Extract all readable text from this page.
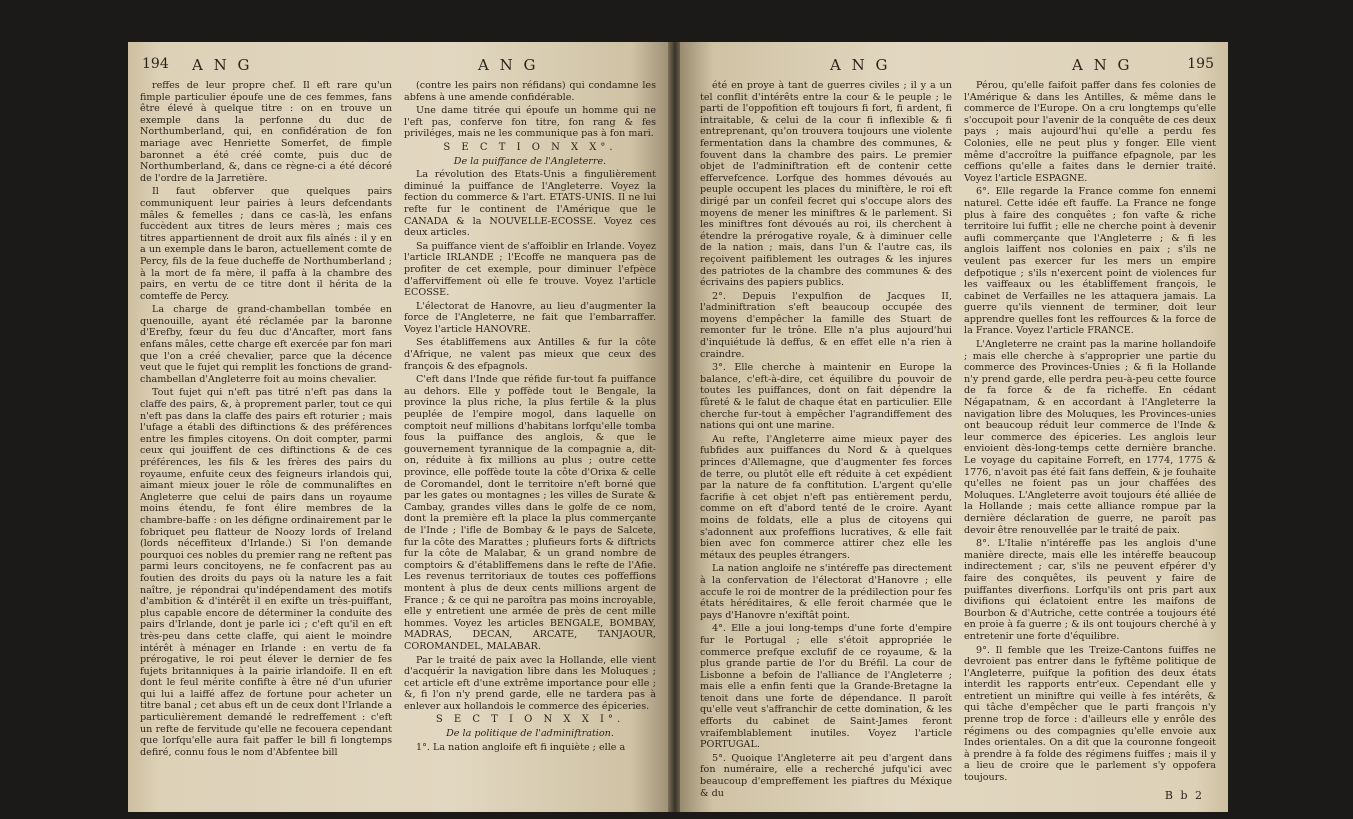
194 A N G	A N G

reffes de leur propre chef. Il eft rare qu'un fimple particulier époufe une de ces femmes, fans être élevé à quelque titre : on en trouve un exemple dans la perfonne du duc de Northumberland, qui, en confidération de fon mariage avec Henriette Somerfet, de fimple baronnet a été créé comte, puis duc de Northumberland, &, dans ce règne-ci a été décoré de l'ordre de la Jarretière.

Il faut obferver que quelques pairs communiquent leur pairies à leurs defcendants mâles & femelles ; dans ce cas-là, les enfans fuccèdent aux titres de leurs mères ; mais ces titres appartiennent de droit aux fils aînés : il y en a un exemple dans le baron, actuellement comte de Percy, fils de la feue ducheffe de Northumberland ; à la mort de fa mère, il paffa à la chambre des pairs, en vertu de ce titre dont il hérita de la comteffe de Percy.

La charge de grand-chambellan tombée en quenouille, ayant été réclamée par la baronne d'Erefby, fœur du feu duc d'Ancafter, mort fans enfans mâles, cette charge eft exercée par fon mari que l'on a créé chevalier, parce que la décence veut que le fujet qui remplit les fonctions de grand-chambellan d'Angleterre foit au moins chevalier.

Tout fujet qui n'eft pas titré n'eft pas dans la claffe des pairs, &, à proprement parler, tout ce qui n'eft pas dans la claffe des pairs eft roturier ; mais l'ufage a établi des diftinctions & des préférences entre les fimples citoyens. On doit compter, parmi ceux qui jouiffent de ces diftinctions & de ces préférences, les fils & les frères des pairs du royaume, enfuite ceux des feigneurs irlandois qui, aimant mieux jouer le rôle de communaliftes en Angleterre que celui de pairs dans un royaume moins étendu, fe font élire membres de la chambre-baffe : on les défigne ordinairement par le fobriquet peu flatteur de Noozy lords of Ireland (lords néceffiteux d'Irlande.) Si l'on demande pourquoi ces nobles du premier rang ne reftent pas parmi leurs concitoyens, ne fe confacrent pas au foutien des droits du pays où la nature les a fait naître, je répondrai qu'indépendament des motifs d'ambition & d'intérêt il en exifte un très-puiffant, plus capable encore de déterminer la conduite des pairs d'Irlande, dont je parle ici ; c'eft qu'il en eft très-peu dans cette claffe, qui aient le moindre intérêt à ménager en Irlande : en vertu de fa prérogative, le roi peut élever le dernier de fes fujets britanniques à la pairie irlandoife. Il en eft dont le feul mérite confifte à être né d'un ufurier qui lui a laiffé affez de fortune pour acheter un titre banal ; cet abus eft un de ceux dont l'Irlande a particulièrement demandé le redreffement : c'eft un refte de fervitude qu'elle ne fecouera cependant que lorfqu'elle aura fait paffer le bill fi longtemps defiré, connu fous le nom d'Abfentee bill

(contre les pairs non réfidans) qui condamne les abfens à une amende confidérable.

Une dame titrée qui époufe un homme qui ne l'eft pas, conferve fon titre, fon rang & fes priviléges, mais ne les communique pas à fon mari.

S E C T I O N X X°.

De la puiffance de l'Angleterre.

La révolution des Etats-Unis a fingulièrement diminué la puiffance de l'Angleterre. Voyez la fection du commerce & l'art. ETATS-UNIS. Il ne lui refte fur le continent de l'Amérique que le CANADA & la NOUVELLE-ECOSSE. Voyez ces deux articles.

Sa puiffance vient de s'affoiblir en Irlande. Voyez l'article IRLANDE ; l'Ecoffe ne manquera pas de profiter de cet exemple, pour diminuer l'efpèce d'afferviffement où elle fe trouve. Voyez l'article ECOSSE.

L'électorat de Hanovre, au lieu d'augmenter la force de l'Angleterre, ne fait que l'embarraffer. Voyez l'article HANOVRE.

Ses établiffemens aux Antilles & fur la côte d'Afrique, ne valent pas mieux que ceux des françois & des efpagnols.

C'eft dans l'Inde que réfide fur-tout fa puiffance au dehors. Elle y poffède tout le Bengale, la province la plus riche, la plus fertile & la plus peuplée de l'empire mogol, dans laquelle on comptoit neuf millions d'habitans lorfqu'elle tomba fous la puiffance des anglois, & que le gouvernement tyrannique de la compagnie a, dit-on, réduite à fix millions au plus ; outre cette province, elle poffède toute la côte d'Orixa & celle de Coromandel, dont le territoire n'eft borné que par les gates ou montagnes ; les villes de Surate & Cambay, grandes villes dans le golfe de ce nom, dont la première eft la place la plus commerçante de l'Inde ; l'ifle de Bombay & le pays de Salcete, fur la côte des Marattes ; plufieurs forts & diftricts fur la côte de Malabar, & un grand nombre de comptoirs & d'établiffemens dans le refte de l'Afie. Les revenus territoriaux de toutes ces poffeffions montent à plus de deux cents millions argent de France ; & ce qui ne paroîtra pas moins incroyable, elle y entretient une armée de près de cent mille hommes. Voyez les articles BENGALE, BOMBAY, MADRAS, DECAN, ARCATE, TANJAOUR, COROMANDEL, MALABAR.

Par le traité de paix avec la Hollande, elle vient d'acquérir la navigation libre dans les Moluques ; cet article eft d'une extrême importance pour elle ; &, fi l'on n'y prend garde, elle ne tardera pas à enlever aux hollandois le commerce des épiceries.

S E C T I O N X X I°.

De la politique de l'adminiftration.

1°. La nation angloife eft fi inquiète ; elle a

A N G	A N G	195

été en proye à tant de guerres civiles ; il y a un tel conflit d'intérêts entre la cour & le peuple ; le parti de l'oppofition eft toujours fi fort, fi ardent, fi intraitable, & celui de la cour fi inflexible & fi entreprenant, qu'on trouvera toujours une violente fermentation dans la chambre des communes, & fouvent dans la chambre des pairs. Le premier objet de l'adminiftration eft de contenir cette effervefcence. Lorfque des hommes dévoués au peuple occupent les places du miniftère, le roi eft dirigé par un confeil fecret qui s'occupe alors des moyens de mener les miniftres & le parlement. Si les miniftres font dévoués au roi, ils cherchent à étendre la prérogative royale, & à diminuer celle de la nation ; mais, dans l'un & l'autre cas, ils reçoivent paifiblement les outrages & les injures des patriotes de la chambre des communes & des écrivains des papiers publics.

2°. Depuis l'expulfion de Jacques II, l'adminiftration s'eft beaucoup occupée des moyens d'empêcher la famille des Stuart de remonter fur le trône. Elle n'a plus aujourd'hui d'inquiétude là deffus, & en effet elle n'a rien à craindre.

3°. Elle cherche à maintenir en Europe la balance, c'eft-à-dire, cet équilibre du pouvoir de toutes les puiffances, dont on fait dépendre la fûreté & le falut de chaque état en particulier. Elle cherche fur-tout à empêcher l'agrandiffement des nations qui ont une marine.

Au refte, l'Angleterre aime mieux payer des fubfides aux puiffances du Nord & à quelques princes d'Allemagne, que d'augmenter fes forces de terre, ou plutôt elle eft réduite à cet expédient par la nature de fa conftitution. L'argent qu'elle facrifie à cet objet n'eft pas entièrement perdu, comme on eft d'abord tenté de le croire. Ayant moins de foldats, elle a plus de citoyens qui s'adonnent aux profeffions lucratives, & elle fait bien avec fon commerce attirer chez elle les métaux des peuples étrangers.

La nation angloife ne s'intéreffe pas directement à la confervation de l'électorat d'Hanovre ; elle accufe le roi de montrer de la prédilection pour fes états héréditaires, & elle feroit charmée que le pays d'Hanovre n'exiftât point.

4°. Elle a joui long-temps d'une forte d'empire fur le Portugal ; elle s'étoit appropriée le commerce prefque exclufif de ce royaume, & la plus grande partie de l'or du Bréfil. La cour de Lisbonne a befoin de l'alliance de l'Angleterre ; mais elle a enfin fenti que la Grande-Bretagne la tenoit dans une forte de dépendance. Il paroît qu'elle veut s'affranchir de cette domination, & les efforts du cabinet de Saint-James feront vraifemblablement inutiles. Voyez l'article PORTUGAL.

5°. Quoique l'Angleterre ait peu d'argent dans fon numéraire, elle a recherché jufqu'ici avec beaucoup d'empreffement les piaftres du Méxique & du

Pérou, qu'elle faifoit paffer dans fes colonies de l'Amérique & dans les Antilles, & même dans le commerce de l'Europe. On a cru longtemps qu'elle s'occupoit pour l'avenir de la conquête de ces deux pays ; mais aujourd'hui qu'elle a perdu fes Colonies, elle ne peut plus y fonger. Elle vient même d'accroître la puiffance efpagnole, par les ceffions qu'elle a faites dans le dernier traité. Voyez l'article ESPAGNE.

6°. Elle regarde la France comme fon ennemi naturel. Cette idée eft fauffe. La France ne fonge plus à faire des conquêtes ; fon vafte & riche territoire lui fuffit ; elle ne cherche point à devenir aufli commerçante que l'Angleterre ; & fi les anglois laiffent nos colonies en paix ; s'ils ne veulent pas exercer fur les mers un empire defpotique ; s'ils n'exercent point de violences fur les vaiffeaux ou les établiffement françois, le cabinet de Verfailles ne les attaquera jamais. La guerre qu'ils viennent de terminer, doit leur apprendre quelles font les reffources & la force de la France. Voyez l'article FRANCE.

L'Angleterre ne craint pas la marine hollandoife ; mais elle cherche à s'approprier une partie du commerce des Provinces-Unies ; & fi la Hollande n'y prend garde, elle perdra peu-à-peu cette fource de fa force & de fa richeffe. En cédant Négapatnam, & en accordant à l'Angleterre la navigation libre des Moluques, les Provinces-unies ont beaucoup réduit leur commerce de l'Inde & leur commerce des épiceries. Les anglois leur envioient dès-long-temps cette dernière branche. Le voyage du capitaine Forreft, en 1774, 1775 & 1776, n'avoit pas été fait fans deffein, & je fouhaite qu'elles ne foient pas un jour chaffées des Moluques. L'Angleterre avoit toujours été alliée de la Hollande ; mais cette alliance rompue par la dernière déclaration de guerre, ne paroît pas devoir être renouvellée par le traité de paix.

8°. L'Italie n'intéreffe pas les anglois d'une manière directe, mais elle les intéreffe beaucoup indirectement ; car, s'ils ne peuvent efpérer d'y faire des conquêtes, ils peuvent y faire de puiffantes diverfions. Lorfqu'ils ont pris part aux divifions qui éclatoient entre les maifons de Bourbon & d'Autriche, cette contrée a toujours été en proie à fa guerre ; & ils ont toujours cherché à y entretenir une forte d'équilibre.

9°. Il femble que les Treize-Cantons fuiffes ne devroient pas entrer dans le fyftême politique de l'Angleterre, puifque la pofition des deux états interdit les rapports entr'eux. Cependant elle y entretient un miniftre qui veille à fes intérêts, & qui tâche d'empêcher que le parti françois n'y prenne trop de force : d'ailleurs elle y enrôle des régimens ou des compagnies qu'elle envoie aux Indes orientales. On a dit que la couronne fongeoit à prendre à fa folde des régimens fuiffes ; mais il y a lieu de croire que le parlement s'y oppofera toujours.

B b 2
